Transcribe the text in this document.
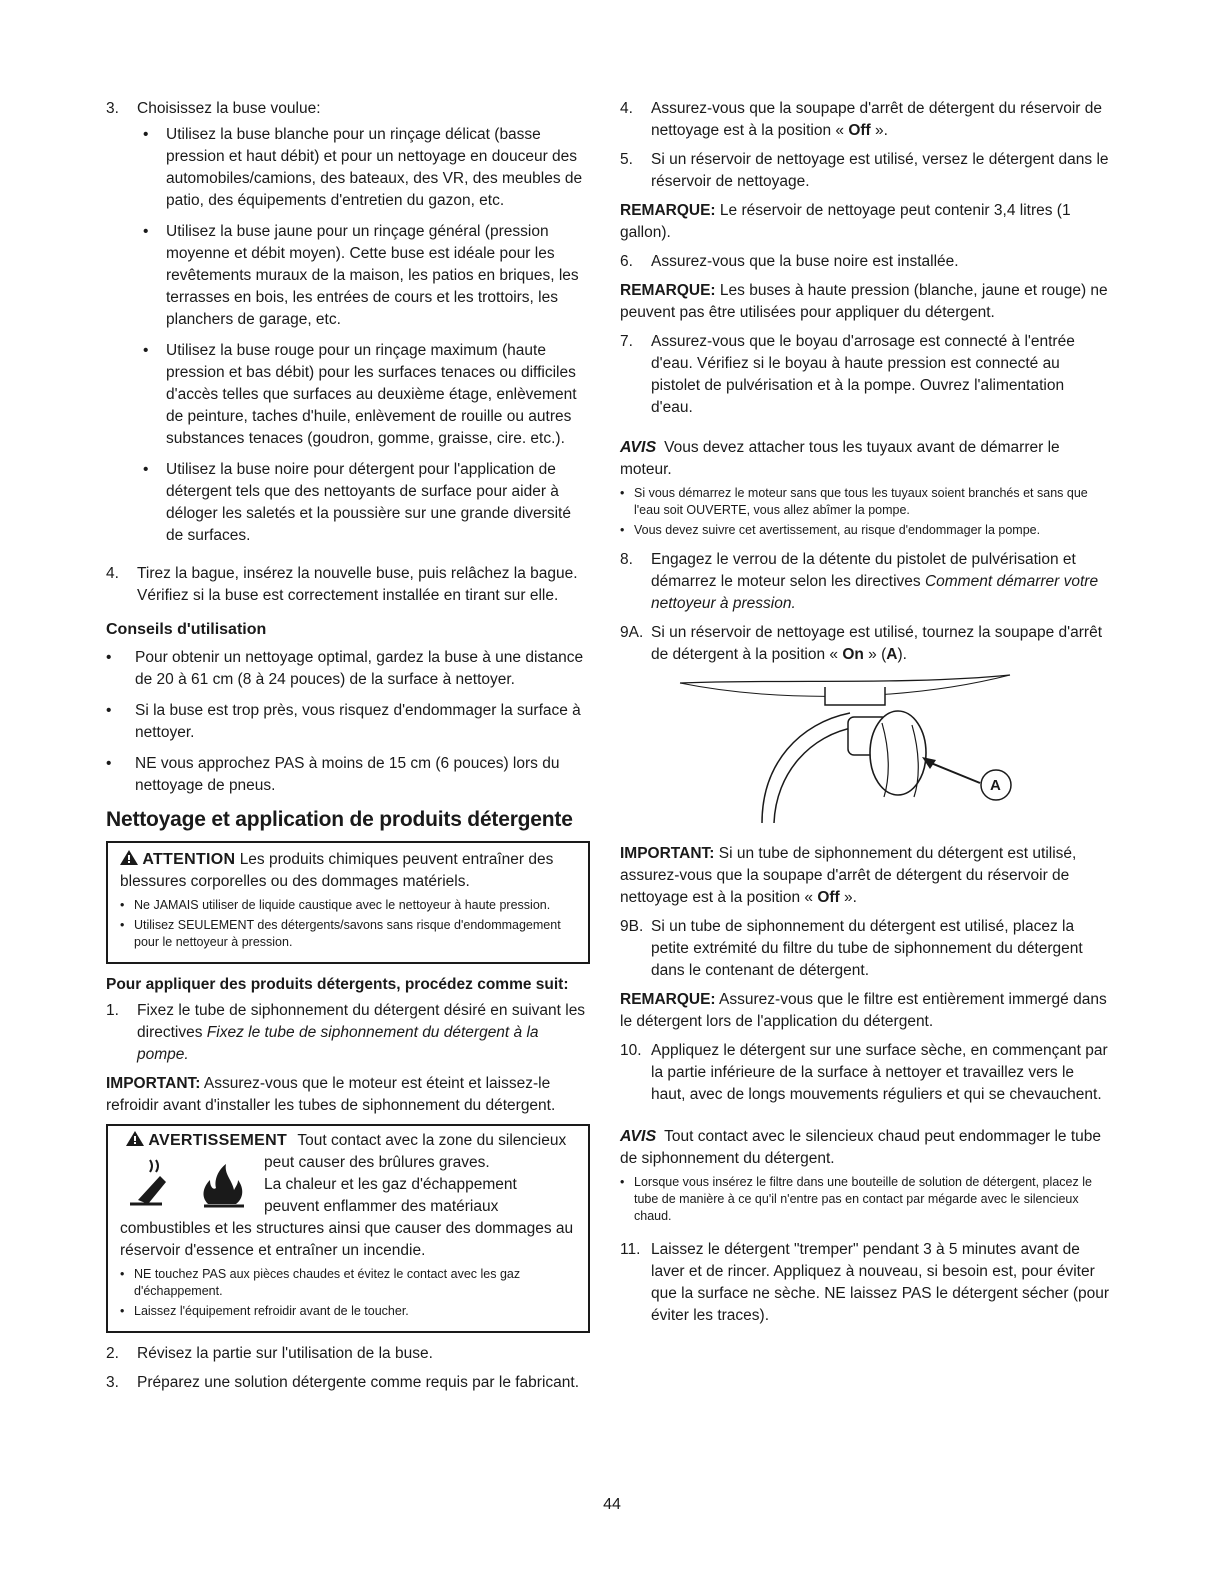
3.	Choisissez la buse voulue:

•	Utilisez la buse blanche pour un rinçage délicat (basse pression et haut débit) et pour un nettoyage en douceur des automobiles/camions, des bateaux, des VR, des meubles de patio, des équipements d'entretien du gazon, etc.
•	Utilisez la buse jaune pour un rinçage général (pression moyenne et débit moyen). Cette buse est idéale pour les revêtements muraux de la maison, les patios en briques, les terrasses en bois, les entrées de cours et les trottoirs, les planchers de garage, etc.
•	Utilisez la buse rouge pour un rinçage maximum (haute pression et bas débit) pour les surfaces tenaces ou difficiles d'accès telles que surfaces au deuxième étage, enlèvement de peinture, taches d'huile, enlèvement de rouille ou autres substances tenaces (goudron, gomme, graisse, cire. etc.).
•	Utilisez la buse noire pour détergent pour l'application de détergent tels que des nettoyants de surface pour aider à déloger les saletés et la poussière sur une grande diversité de surfaces.
4.	Tirez la bague, insérez la nouvelle buse, puis relâchez la bague. Vérifiez si la buse est correctement installée en tirant sur elle.
Conseils d'utilisation
•	Pour obtenir un nettoyage optimal, gardez la buse à une distance de 20 à 61 cm (8 à 24 pouces) de la surface à nettoyer.
•	Si la buse est trop près, vous risquez d'endommager la surface à nettoyer.
•	NE vous approchez PAS à moins de 15 cm (6 pouces) lors du nettoyage de pneus.
Nettoyage et application de produits détergente

ATTENTION Les produits chimiques peuvent entraîner des blessures corporelles ou des dommages matériels.

• Ne JAMAIS utiliser de liquide caustique avec le nettoyeur à haute pression.
• Utilisez SEULEMENT des détergents/savons sans risque d'endommagement pour le nettoyeur à pression.

Pour appliquer des produits détergents, procédez comme suit:

1.	Fixez le tube de siphonnement du détergent désiré en suivant les directives Fixez le tube de siphonnement du détergent à la pompe.

IMPORTANT: Assurez-vous que le moteur est éteint et laissez-le refroidir avant d'installer les tubes de siphonnement du détergent.

AVERTISSEMENT Tout contact avec la zone du silencieux

peut causer des brûlures graves.

La chaleur et les gaz d'échappement

peuvent enflammer des matériaux

combustibles et les structures ainsi que causer des dommages au réservoir d'essence et entraîner un incendie.

• NE touchez PAS aux pièces chaudes et évitez le contact avec les gaz d'échappement.
• Laissez l'équipement refroidir avant de le toucher.
2.	Révisez la partie sur l'utilisation de la buse.
3.	Préparez une solution détergente comme requis par le fabricant.
4.	Assurez-vous que la soupape d'arrêt de détergent du réservoir de nettoyage est à la position « Off ».
5.	Si un réservoir de nettoyage est utilisé, versez le détergent dans le réservoir de nettoyage.

REMARQUE: Le réservoir de nettoyage peut contenir 3,4 litres (1 gallon).

6.	Assurez-vous que la buse noire est installée.

REMARQUE: Les buses à haute pression (blanche, jaune et rouge) ne peuvent pas être utilisées pour appliquer du détergent.

7.	Assurez-vous que le boyau d'arrosage est connecté à l'entrée d'eau. Vérifiez si le boyau à haute pression est connecté au pistolet de pulvérisation et à la pompe. Ouvrez l'alimentation d'eau.

AVIS Vous devez attacher tous les tuyaux avant de démarrer le moteur.

• Si vous démarrez le moteur sans que tous les tuyaux soient branchés et sans que l'eau soit OUVERTE, vous allez abîmer la pompe.
• Vous devez suivre cet avertissement, au risque d'endommager la pompe.
8.	Engagez le verrou de la détente du pistolet de pulvérisation et démarrez le moteur selon les directives Comment démarrer votre nettoyeur à pression.
9A. Si un réservoir de nettoyage est utilisé, tournez la soupape d'arrêt de détergent à la position « On » (A).
A

IMPORTANT: Si un tube de siphonnement du détergent est utilisé, assurez-vous que la soupape d'arrêt de détergent du réservoir de nettoyage est à la position « Off ».

9B. Si un tube de siphonnement du détergent est utilisé, placez la petite extrémité du filtre du tube de siphonnement du détergent dans le contenant de détergent.

REMARQUE: Assurez-vous que le filtre est entièrement immergé dans le détergent lors de l'application du détergent.

10. Appliquez le détergent sur une surface sèche, en commençant par la partie inférieure de la surface à nettoyer et travaillez vers le haut, avec de longs mouvements réguliers et qui se chevauchent.

AVIS Tout contact avec le silencieux chaud peut endommager le tube de siphonnement du détergent.

• Lorsque vous insérez le filtre dans une bouteille de solution de détergent, placez le tube de manière à ce qu'il n'entre pas en contact par mégarde avec le silencieux chaud.
11. Laissez le détergent "tremper" pendant 3 à 5 minutes avant de laver et de rincer. Appliquez à nouveau, si besoin est, pour éviter que la surface ne sèche. NE laissez PAS le détergent sécher (pour éviter les traces).
44
